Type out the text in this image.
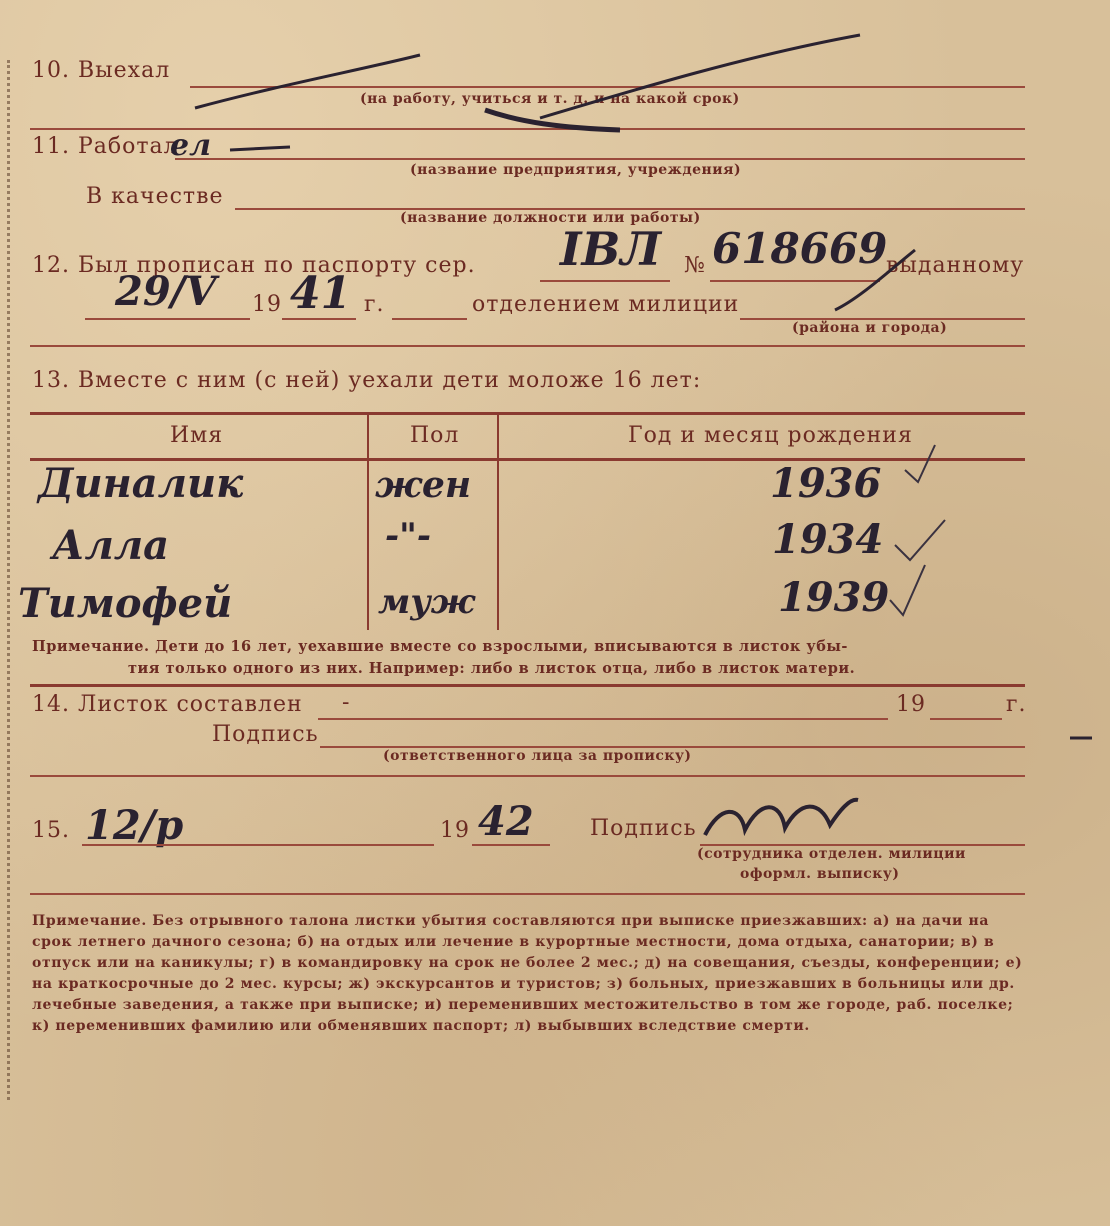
10. Выехал
(на работу, учиться и т. д. и на какой срок)
11. Работал
ел
(название предприятия, учреждения)
В качестве
(название должности или работы)
12. Был прописан по паспорту сер. IBЛ № 618669
выданному
29/V 19 41 г.	отделением милиции
(района и города)
13. Вместе с ним (с ней) уехали дети моложе 16 лет:
Имя	Пол	Год и месяц рождения
Диналик	жен	1936
Алла	-"-	1934
Тимофей	муж	1939
Примечание. Дети до 16 лет, уехавшие вместе со взрослыми, вписываются в листок убы-
тия только одного из них. Например: либо в листок отца, либо в листок матери.
14. Листок составлен -	19	г.
Подпись
(ответственного лица за прописку)
15. 12/р	19 42	Подпись
(сотрудника отделен. милиции
оформл. выписку)
Примечание. Без отрывного талона листки убытия составляются при выписке приезжавших: а) на дачи на срок летнего дачного сезона; б) на отдых или лечение в курортные местности, дома отдыха, санатории; в) в отпуск или на каникулы; г) в командировку на срок не более 2 мес.; д) на совещания, съезды, конференции; е) на краткосрочные до 2 мес. курсы; ж) экскурсантов и туристов; з) больных, приезжавших в больницы или др. лечебные заведения, а также при выписке; и) переменивших местожительство в том же городе, раб. поселке; к) переменивших фамилию или обменявших паспорт; л) выбывших вследствие смерти.
